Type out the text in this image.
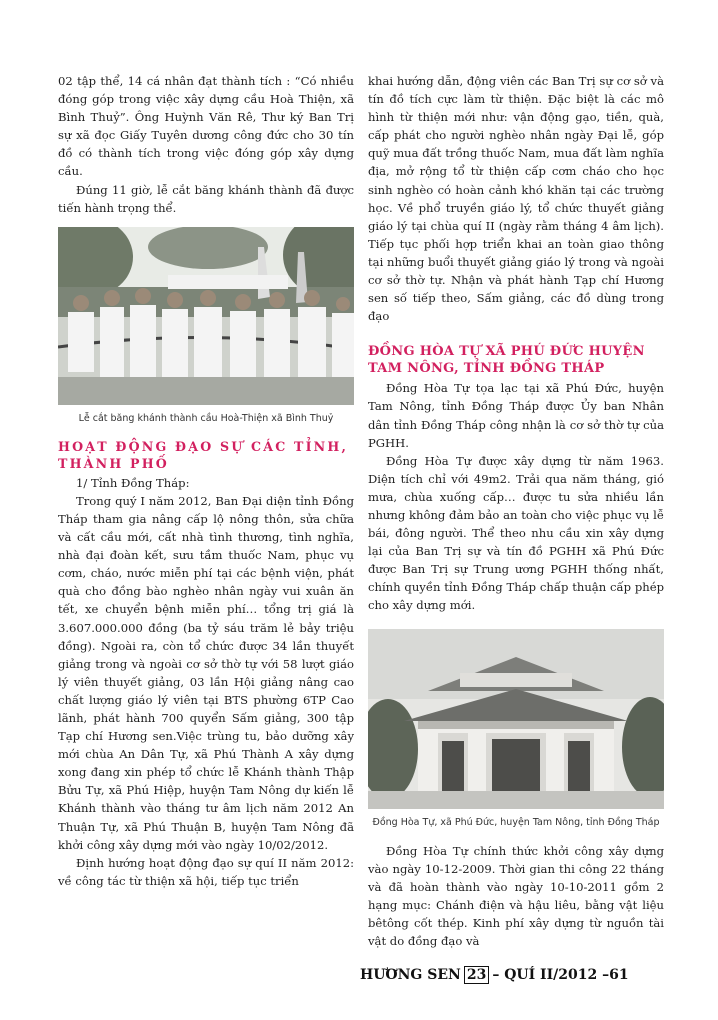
02 tập thể, 14 cá nhân đạt thành tích : “Có nhiều đóng góp trong việc xây dựng cầu Hoà Thiện, xã Bình Thuỷ”. Ông Huỳnh Văn Rê, Thư ký Ban Trị sự xã đọc Giấy Tuyên dương công đức cho 30 tín đồ có thành tích trong việc đóng góp xây dựng cầu.

Đúng 11 giờ, lễ cắt băng khánh thành đã được tiến hành trọng thể.

Lễ cắt băng khánh thành cầu Hoà-Thiện xã Bình Thuỷ
HOẠT ĐỘNG ĐẠO SỰ CÁC TỈNH, THÀNH PHỐ

1/ Tỉnh Đồng Tháp:

Trong quý I năm 2012, Ban Đại diện tỉnh Đồng Tháp tham gia nâng cấp lộ nông thôn, sửa chữa và cất cầu mới, cất nhà tình thương, tình nghĩa, nhà đại đoàn kết, sưu tầm thuốc Nam, phục vụ cơm, cháo, nước miễn phí tại các bệnh viện, phát quà cho đồng bào nghèo nhân ngày vui xuân ăn tết, xe chuyển bệnh miễn phí… tổng trị giá là 3.607.000.000 đồng (ba tỷ sáu trăm lẻ bảy triệu đồng). Ngoài ra, còn tổ chức được 34 lần thuyết giảng trong và ngoài cơ sở thờ tự với 58 lượt giáo lý viên thuyết giảng, 03 lần Hội giảng nâng cao chất lượng giáo lý viên tại BTS phường 6TP Cao lãnh, phát hành 700 quyển Sấm giảng, 300 tập Tạp chí Hương sen.Việc trùng tu, bảo dưỡng xây mới chùa An Dân Tự, xã Phú Thành A xây dựng xong đang xin phép tổ chức lễ Khánh thành Thập Bửu Tự, xã Phú Hiệp, huyện Tam Nông dự kiến lễ Khánh thành vào tháng tư âm lịch năm 2012 An Thuận Tự, xã Phú Thuận B, huyện Tam Nông đã khởi công xây dựng mới vào ngày 10/02/2012.

Định hướng hoạt động đạo sự quí II năm 2012: về công tác từ thiện xã hội, tiếp tục triển

khai hướng dẫn, động viên các Ban Trị sự cơ sở và tín đồ tích cực làm từ thiện. Đặc biệt là các mô hình từ thiện mới như: vận động gạo, tiền, quà, cấp phát cho người nghèo nhân ngày Đại lễ, góp quỹ mua đất trồng thuốc Nam, mua đất làm nghĩa địa, mở rộng tổ từ thiện cấp cơm cháo cho học sinh nghèo có hoàn cảnh khó khăn tại các trường học. Về phổ truyền giáo lý, tổ chức thuyết giảng giáo lý tại chùa quí II (ngày rằm tháng 4 âm lịch). Tiếp tục phối hợp triển khai an toàn giao thông tại những buổi thuyết giảng giáo lý trong và ngoài cơ sở thờ tự. Nhận và phát hành Tạp chí Hương sen số tiếp theo, Sấm giảng, các đồ dùng trong đạo

ĐỒNG HÒA TỰ XÃ PHÚ ĐỨC HUYỆN TAM NÔNG, TỈNH ĐỒNG THÁP

Đồng Hòa Tự tọa lạc tại xã Phú Đức, huyện Tam Nông, tỉnh Đồng Tháp được Ủy ban Nhân dân tỉnh Đồng Tháp công nhận là cơ sở thờ tự của PGHH.

Đồng Hòa Tự được xây dựng từ năm 1963. Diện tích chỉ với 49m2. Trải qua năm tháng, gió mưa, chùa xuống cấp… được tu sửa nhiều lần nhưng không đảm bảo an toàn cho việc phục vụ lễ bái, đông người. Thể theo nhu cầu xin xây dựng lại của Ban Trị sự và tín đồ PGHH xã Phú Đức được Ban Trị sự Trung ương PGHH thống nhất, chính quyền tỉnh Đồng Tháp chấp thuận cấp phép cho xây dựng mới.

Đồng Hòa Tự, xã Phú Đức, huyện Tam Nông, tỉnh Đồng Tháp

Đồng Hòa Tự chính thức khởi công xây dựng vào ngày 10-12-2009. Thời gian thi công 22 tháng và đã hoàn thành vào ngày 10-10-2011 gồm 2 hạng mục: Chánh điện và hậu liêu, bằng vật liệu bêtông cốt thép. Kinh phí xây dựng từ nguồn tài vật do đồng đạo và

HƯƠNG SEN 23 – QUÍ II/2012 –61
